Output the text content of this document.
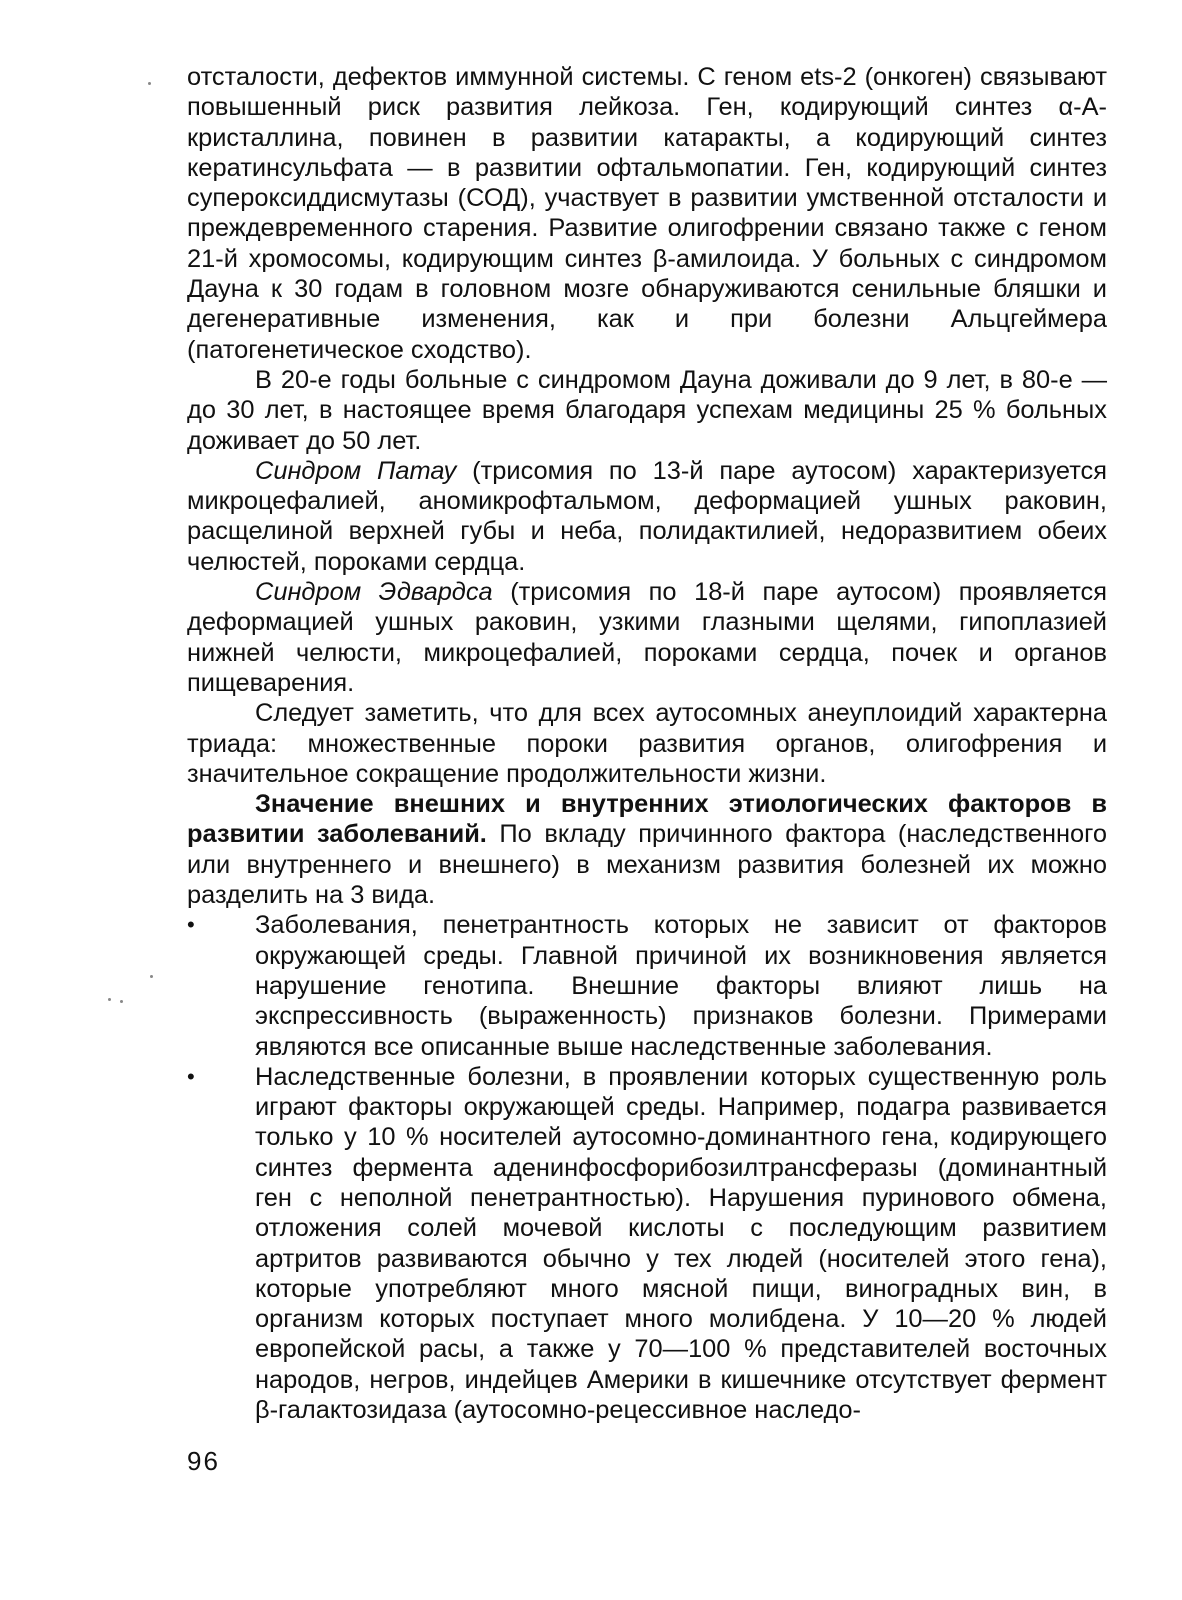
отсталости, дефектов иммунной системы. С геном ets-2 (онкоген) связывают повышенный риск развития лейкоза. Ген, кодирующий синтез α-А-кристаллина, повинен в развитии катаракты, а кодирующий синтез кератинсульфата — в развитии офтальмопатии. Ген, кодирующий синтез супероксиддисмутазы (СОД), участвует в развитии умственной отсталости и преждевременного старения. Развитие олигофрении связано также с геном 21-й хромосомы, кодирующим синтез β-амилоида. У больных с синдромом Дауна к 30 годам в головном мозге обнаруживаются сенильные бляшки и дегенеративные изменения, как и при болезни Альцгеймера (патогенетическое сходство).

В 20-е годы больные с синдромом Дауна доживали до 9 лет, в 80-е — до 30 лет, в настоящее время благодаря успехам медицины 25 % больных доживает до 50 лет.

Синдром Патау (трисомия по 13-й паре аутосом) характеризуется микроцефалией, аномикрофтальмом, деформацией ушных раковин, расщелиной верхней губы и неба, полидактилией, недоразвитием обеих челюстей, пороками сердца.

Синдром Эдвардса (трисомия по 18-й паре аутосом) проявляется деформацией ушных раковин, узкими глазными щелями, гипоплазией нижней челюсти, микроцефалией, пороками сердца, почек и органов пищеварения.

Следует заметить, что для всех аутосомных анеуплоидий характерна триада: множественные пороки развития органов, олигофрения и значительное сокращение продолжительности жизни.

Значение внешних и внутренних этиологических факторов в развитии заболеваний. По вкладу причинного фактора (наследственного или внутреннего и внешнего) в механизм развития болезней их можно разделить на 3 вида.

•	Заболевания, пенетрантность которых не зависит от факторов окружающей среды. Главной причиной их возникновения является нарушение генотипа. Внешние факторы влияют лишь на экспрессивность (выраженность) признаков болезни. Примерами являются все описанные выше наследственные заболевания.
•	Наследственные болезни, в проявлении которых существенную роль играют факторы окружающей среды. Например, подагра развивается только у 10 % носителей аутосомно-доминантного гена, кодирующего синтез фермента аденинфосфорибозилтрансферазы (доминантный ген с неполной пенетрантностью). Нарушения пуринового обмена, отложения солей мочевой кислоты с последующим развитием артритов развиваются обычно у тех людей (носителей этого гена), которые употребляют много мясной пищи, виноградных вин, в организм которых поступает много молибдена. У 10—20 % людей европейской расы, а также у 70—100 % представителей восточных народов, негров, индейцев Америки в кишечнике отсутствует фермент β-галактозидаза (аутосомно-рецессивное наследо-
96
